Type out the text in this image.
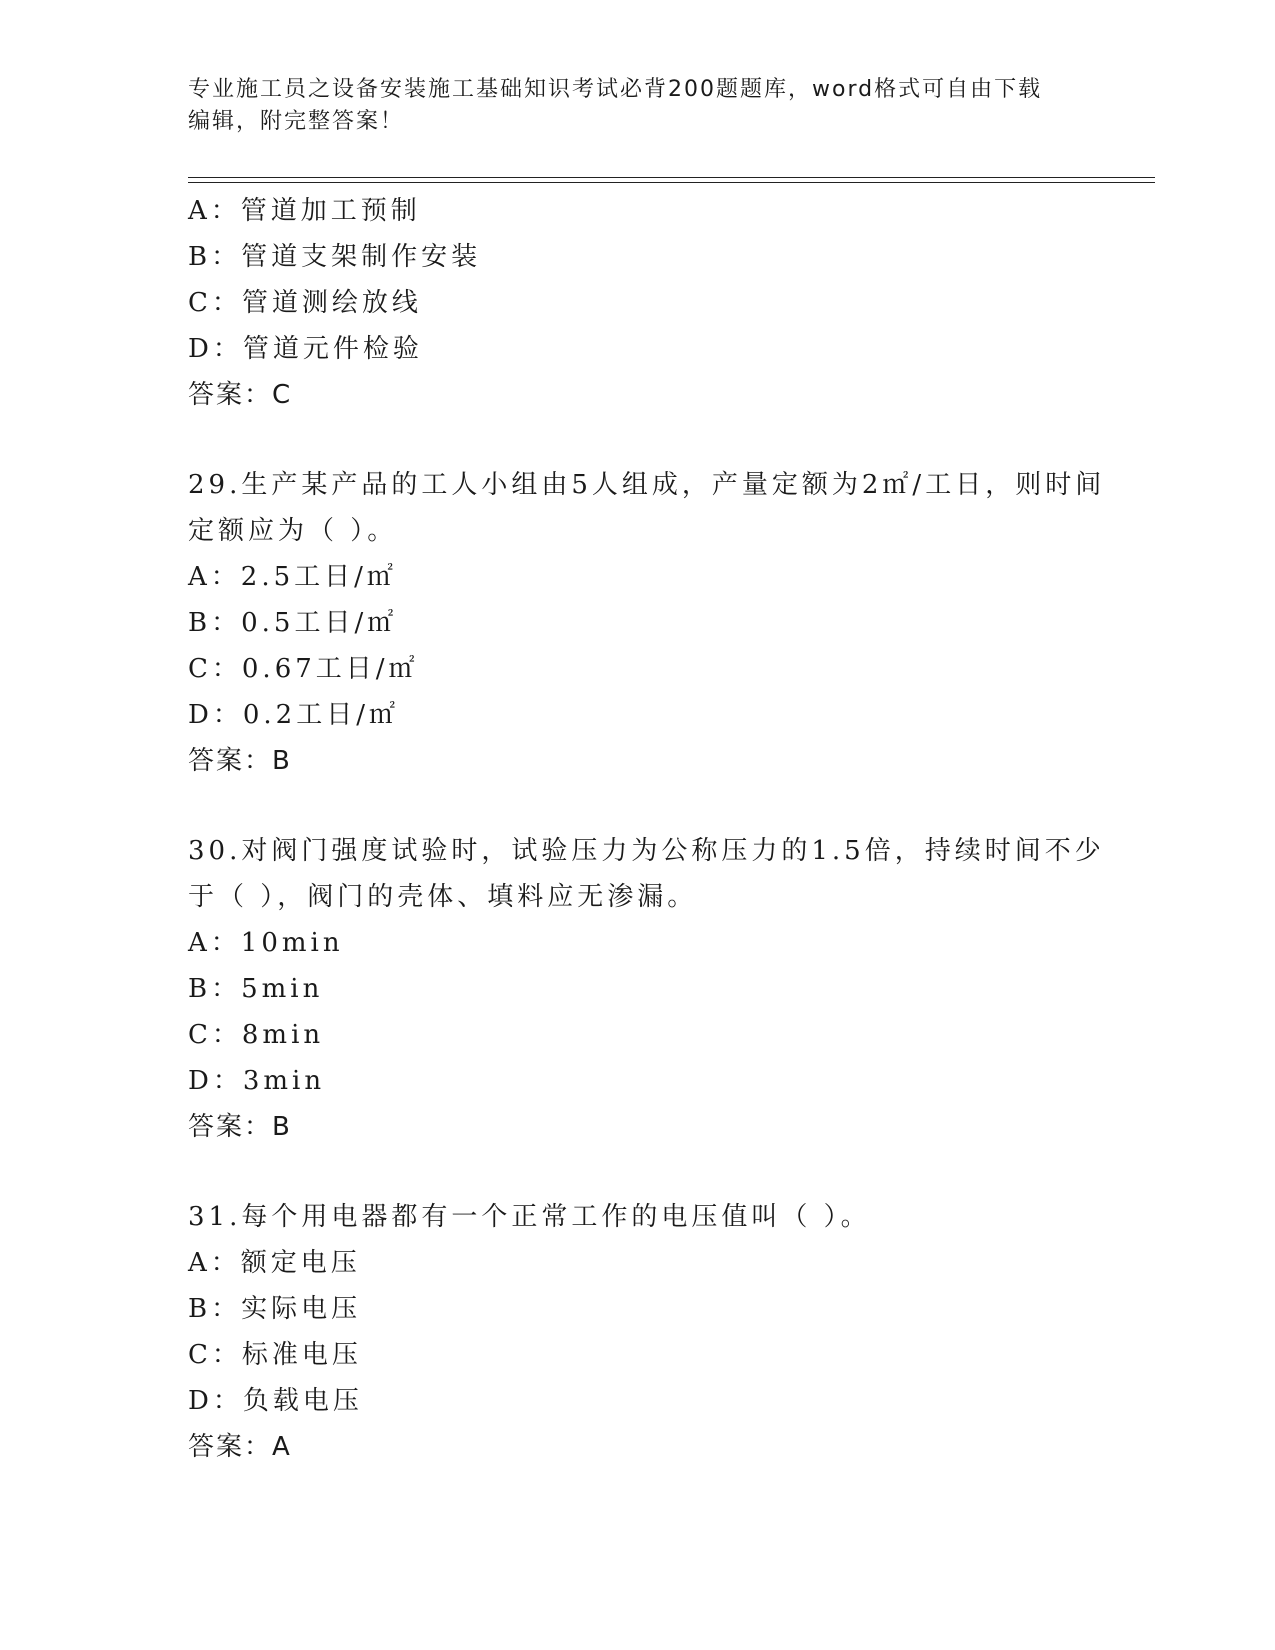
专业施工员之设备安装施工基础知识考试必背200题题库，word格式可自由下载
编辑，附完整答案！
A：管道加工预制
B：管道支架制作安装
C：管道测绘放线
D：管道元件检验
答案：C
29.生产某产品的工人小组由5人组成，产量定额为2㎡/工日，则时间
定额应为（ ）。
A：2.5工日/㎡
B：0.5工日/㎡
C：0.67工日/㎡
D：0.2工日/㎡
答案：B
30.对阀门强度试验时，试验压力为公称压力的1.5倍，持续时间不少
于（ ），阀门的壳体、填料应无渗漏。
A：10min
B：5min
C：8min
D：3min
答案：B
31.每个用电器都有一个正常工作的电压值叫（ ）。
A：额定电压
B：实际电压
C：标准电压
D：负载电压
答案：A
